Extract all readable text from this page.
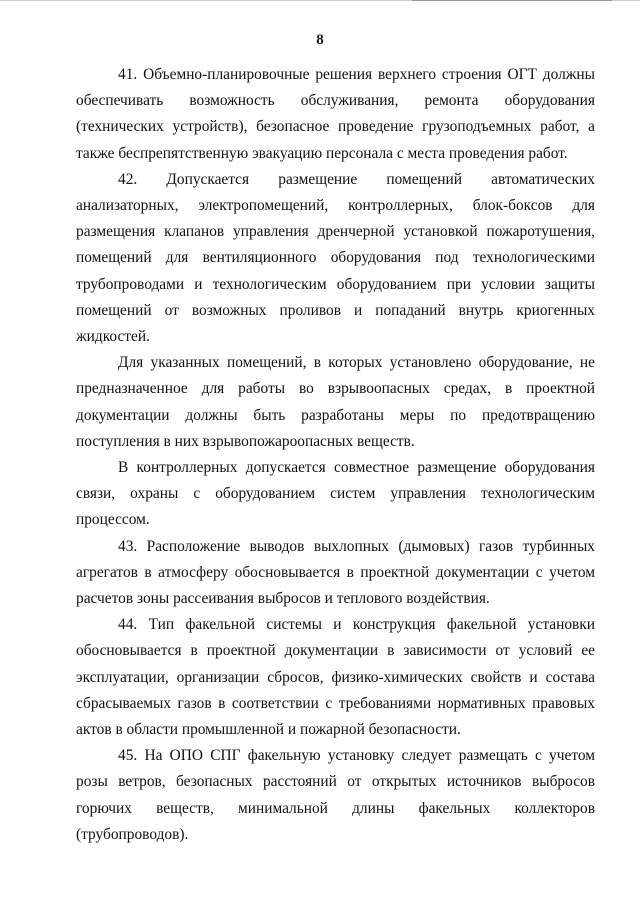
8

41. Объемно-планировочные решения верхнего строения ОГТ должны обеспечивать возможность обслуживания, ремонта оборудования (технических устройств), безопасное проведение грузоподъемных работ, а также беспрепятственную эвакуацию персонала с места проведения работ.

42. Допускается размещение помещений автоматических анализаторных, электропомещений, контроллерных, блок-боксов для размещения клапанов управления дренчерной установкой пожаротушения, помещений для вентиляционного оборудования под технологическими трубопроводами и технологическим оборудованием при условии защиты помещений от возможных проливов и попаданий внутрь криогенных жидкостей.

Для указанных помещений, в которых установлено оборудование, не предназначенное для работы во взрывоопасных средах, в проектной документации должны быть разработаны меры по предотвращению поступления в них взрывопожароопасных веществ.

В контроллерных допускается совместное размещение оборудования связи, охраны с оборудованием систем управления технологическим процессом.

43. Расположение выводов выхлопных (дымовых) газов турбинных агрегатов в атмосферу обосновывается в проектной документации с учетом расчетов зоны рассеивания выбросов и теплового воздействия.

44. Тип факельной системы и конструкция факельной установки обосновывается в проектной документации в зависимости от условий ее эксплуатации, организации сбросов, физико-химических свойств и состава сбрасываемых газов в соответствии с требованиями нормативных правовых актов в области промышленной и пожарной безопасности.

45. На ОПО СПГ факельную установку следует размещать с учетом розы ветров, безопасных расстояний от открытых источников выбросов горючих веществ, минимальной длины факельных коллекторов (трубопроводов).
